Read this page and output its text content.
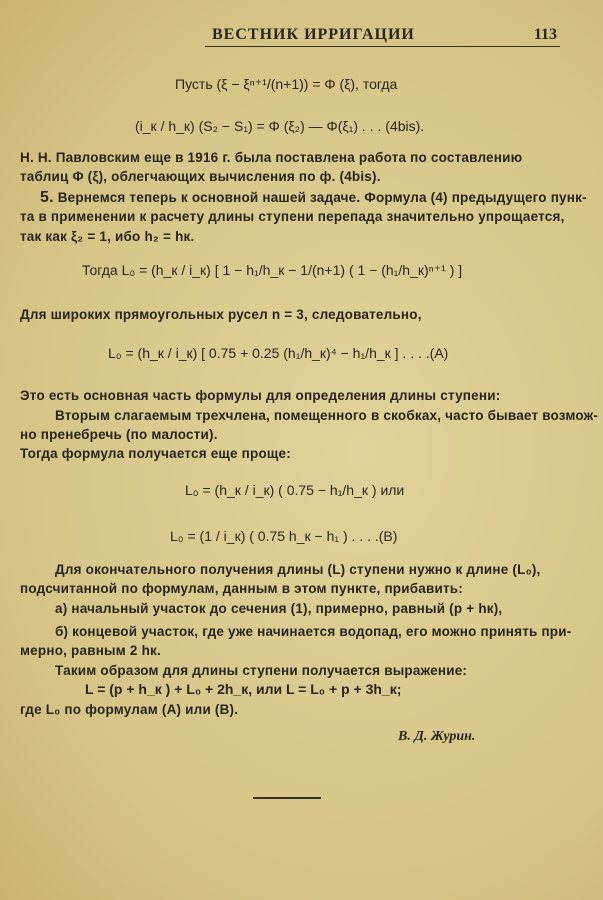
ВЕСТНИК ИРРИГАЦИИ	113
Пусть (ξ − ξⁿ⁺¹/(n+1)) = Φ (ξ), тогда
(i_к / h_к) (S₂ − S₁) = Φ (ξ₂) — Φ(ξ₁) . . . (4bis).
Н. Н. Павловским еще в 1916 г. была поставлена работа по составлению
таблиц Φ (ξ), облегчающих вычисления по ф. (4bis).
5. Вернемся теперь к основной нашей задаче. Формула (4) предыдущего пунк-
та в применении к расчету длины ступени перепада значительно упрощается,
так как ξ₂ = 1, ибо h₂ = hк.
Тогда L₀ = (h_к / i_к) [ 1 − h₁/h_к − 1/(n+1) ( 1 − (h₁/h_к)ⁿ⁺¹ ) ]
Для широких прямоугольных русел n = 3, следовательно,
L₀ = (h_к / i_к) [ 0.75 + 0.25 (h₁/h_к)⁴ − h₁/h_к ] . . . .(A)
Это есть основная часть формулы для определения длины ступени:
Вторым слагаемым трехчлена, помещенного в скобках, часто бывает возмож-
но пренебречь (по малости).
Тогда формула получается еще проще:
L₀ = (h_к / i_к) ( 0.75 − h₁/h_к ) или
L₀ = (1 / i_к) ( 0.75 h_к − h₁ ) . . . .(B)
Для окончательного получения длины (L) ступени нужно к длине (L₀),
подсчитанной по формулам, данным в этом пункте, прибавить:
а) начальный участок до сечения (1), примерно, равный (p + hк),
б) концевой участок, где уже начинается водопад, его можно принять при-
мерно, равным 2 hк.
Таким образом для длины ступени получается выражение:
L = (p + h_к ) + L₀ + 2h_к, или L = L₀ + p + 3h_к;
где L₀ по формулам (A) или (B).
В. Д. Журин.
